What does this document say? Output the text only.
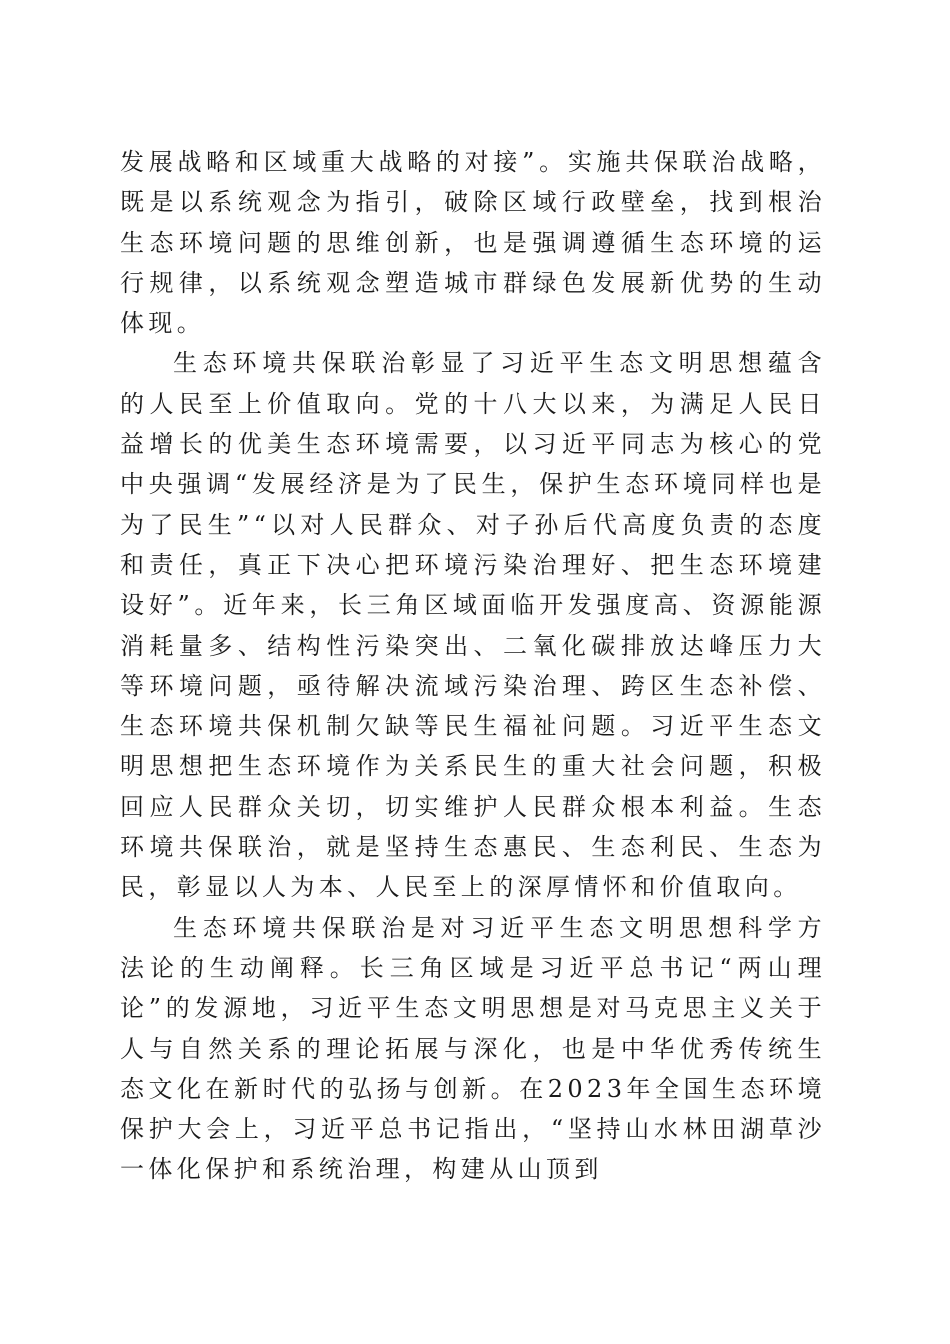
发展战略和区域重大战略的对接”。实施共保联治战略，既是以系统观念为指引，破除区域行政壁垒，找到根治生态环境问题的思维创新，也是强调遵循生态环境的运行规律，以系统观念塑造城市群绿色发展新优势的生动体现。

生态环境共保联治彰显了习近平生态文明思想蕴含的人民至上价值取向。党的十八大以来，为满足人民日益增长的优美生态环境需要，以习近平同志为核心的党中央强调“发展经济是为了民生，保护生态环境同样也是为了民生”“以对人民群众、对子孙后代高度负责的态度和责任，真正下决心把环境污染治理好、把生态环境建设好”。近年来，长三角区域面临开发强度高、资源能源消耗量多、结构性污染突出、二氧化碳排放达峰压力大等环境问题，亟待解决流域污染治理、跨区生态补偿、生态环境共保机制欠缺等民生福祉问题。习近平生态文明思想把生态环境作为关系民生的重大社会问题，积极回应人民群众关切，切实维护人民群众根本利益。生态环境共保联治，就是坚持生态惠民、生态利民、生态为民，彰显以人为本、人民至上的深厚情怀和价值取向。

生态环境共保联治是对习近平生态文明思想科学方法论的生动阐释。长三角区域是习近平总书记“两山理论”的发源地，习近平生态文明思想是对马克思主义关于人与自然关系的理论拓展与深化，也是中华优秀传统生态文化在新时代的弘扬与创新。在2023年全国生态环境保护大会上，习近平总书记指出，“坚持山水林田湖草沙一体化保护和系统治理，构建从山顶到
